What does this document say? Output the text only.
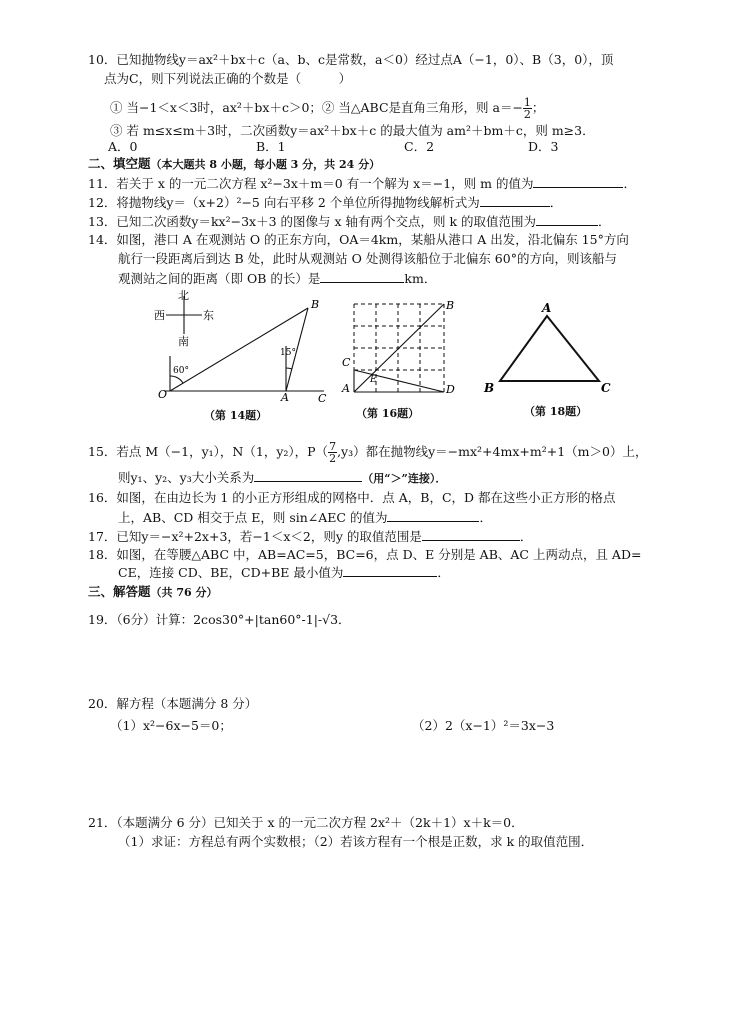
10．已知抛物线y＝ax²＋bx＋c（a、b、c是常数，a＜0）经过点A（−1，0）、B（3，0），顶
点为C，则下列说法正确的个数是（　　　）
① 当−1＜x＜3时，ax²＋bx＋c＞0；② 当△ABC是直角三角形，则 $a=- \frac{1}{2}$ ；
③ 若 m≤x≤m＋3时，二次函数y＝ax²＋bx＋c 的最大值为 am²＋bm＋c，则 m≥3．
A．0	B．1	C．2	D．3
二、填空题（本大题共 8 小题，每小题 3 分，共 24 分）
11．若关于 x 的一元二次方程 x²−3x＋m＝0 有一个解为 x＝−1，则 m 的值为	．
12．将抛物线y＝（x+2）²−5 向右平移 2 个单位所得抛物线解析式为	．
13．已知二次函数y＝kx²−3x＋3 的图像与 x 轴有两个交点，则 k 的取值范围为	．
14．如图，港口 A 在观测站 O 的正东方向，OA＝4km，某船从港口 A 出发，沿北偏东 15°方向
航行一段距离后到达 B 处，此时从观测站 O 处测得该船位于北偏东 60°的方向，则该船与
观测站之间的距离（即 OB 的长）是	km．
北
西	东
南
60°
15°
O	A
B
C
（第 14题）
B
C
A	D
E
（第 16题）
A
B	C
（第 18题）
15．若点 M（−1，y₁），N（1，y₂），$P( \frac{7}{2} ,y_3)$都在抛物线y＝−mx²+4mx+m²+1（m＞0）上，
则y₁、y₂、y₃大小关系为	（用“＞”连接）．
16．如图，在由边长为 1 的小正方形组成的网格中．点 A，B，C，D 都在这些小正方形的格点
上，AB、CD 相交于点 E，则 sin∠AEC 的值为	．
17．已知y＝−x²+2x+3，若−1＜x＜2，则y 的取值范围是	．
18．如图，在等腰△ABC 中，AB=AC=5，BC=6，点 D、E 分别是 AB、AC 上两动点，且 AD=
CE，连接 CD、BE，CD+BE 最小值为	．
三、解答题（共 76 分）
19．（6分）计算：2cos30°+|tan60°-1|-√3．
20．解方程（本题满分 8 分）
（1）x²−6x−5＝0；	（2）2（x−1）²＝3x−3
21．（本题满分 6 分）已知关于 x 的一元二次方程 2x²＋（2k＋1）x＋k＝0．
（1）求证：方程总有两个实数根；（2）若该方程有一个根是正数，求 k 的取值范围．
